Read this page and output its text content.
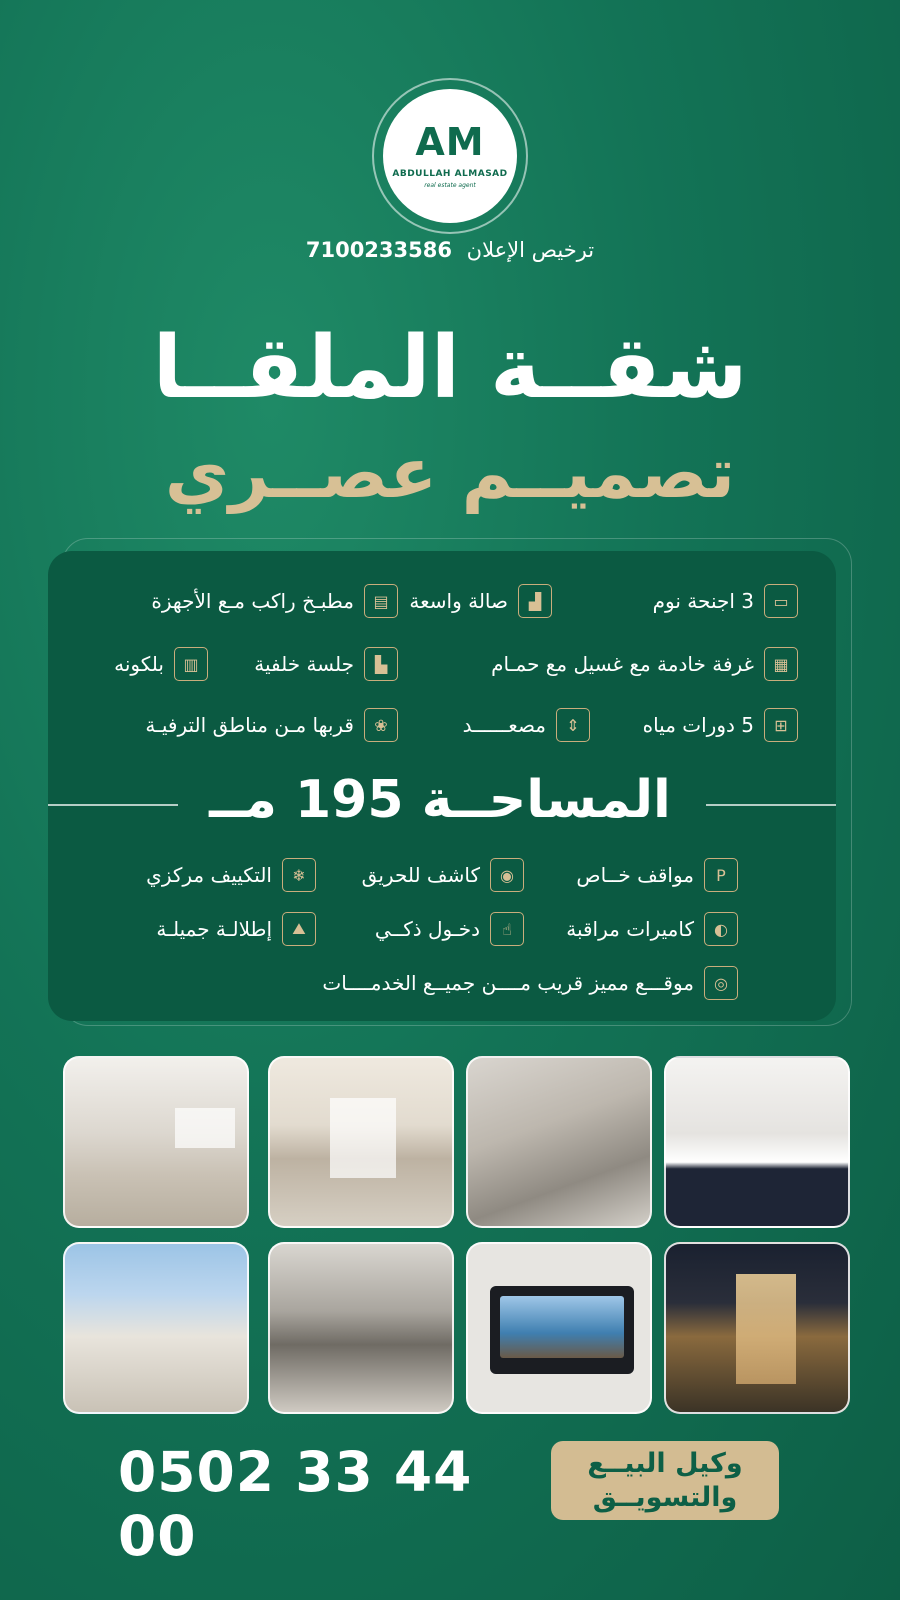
AM
ABDULLAH ALMASAD
real estate agent
ترخيص الإعلان 7100233586
شقــة الملقــا
تصميــم عصــري
▭
3 اجنحة نوم
▟
صالة واسعة
▤
مطبـخ راكب مـع الأجهزة
▦
غرفة خادمة مع غسيل مع حمـام
▙
جلسة خلفية
▥
بلكونه
⊞
5 دورات مياه
⇕
مصعــــــد
❀
قربها مـن مناطق الترفيـة
المساحــة 195 مــ
P
مواقف خــاص
◉
كاشف للحريق
❄
التكييف مركزي
◐
كاميرات مراقبة
☝
دخـول ذكــي
⛰
إطلالـة جميلـة
◎
موقـــع مميز قريب مــــن جميــع الخدمــــات
0502 33 44 00
وكيل البيــع
والتسويــق
